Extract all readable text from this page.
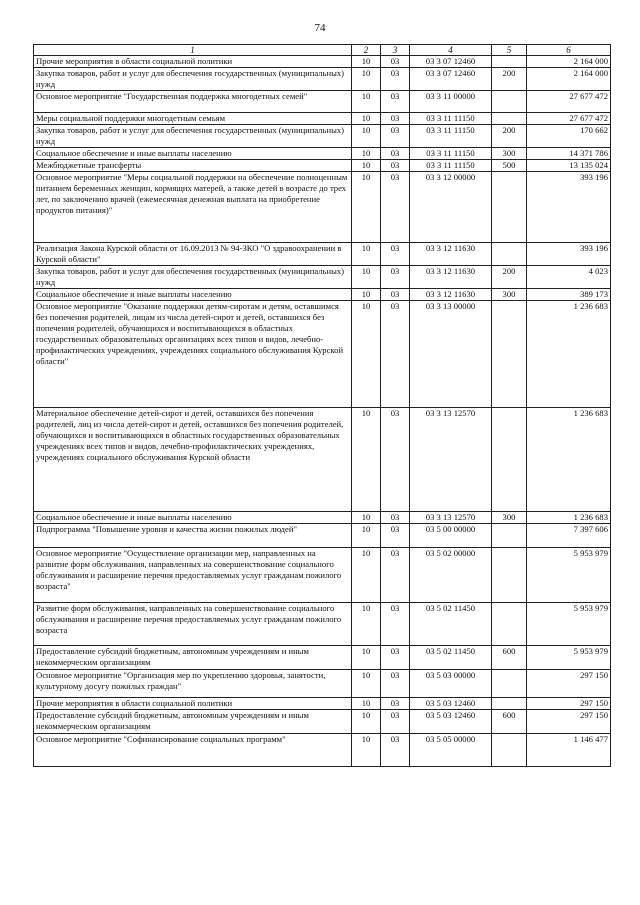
74
1	2	3	4	5	6
Прочие мероприятия в области социальной политики	10	03	03 3 07 12460		2 164 000
Закупка товаров, работ и услуг для обеспечения государственных (муниципальных) нужд	10	03	03 3 07 12460	200	2 164 000
Основное мероприятие "Государственная поддержка многодетных семей"	10	03	03 3 11 00000		27 677 472
Меры социальной поддержки многодетным семьям	10	03	03 3 11 11150		27 677 472
Закупка товаров, работ и услуг для обеспечения государственных (муниципальных) нужд	10	03	03 3 11 11150	200	170 662
Социальное обеспечение и иные выплаты населению	10	03	03 3 11 11150	300	14 371 786
Межбюджетные трансферты	10	03	03 3 11 11150	500	13 135 024
Основное мероприятие "Меры социальной поддержки на обеспечение полноценным питанием беременных женщин, кормящих матерей, а также детей в возрасте до трех лет, по заключению врачей (ежемесячная денежная выплата на приобретение продуктов питания)"	10	03	03 3 12 00000		393 196
Реализация Закона Курской области от 16.09.2013 № 94-ЗКО "О здравоохранении в Курской области"	10	03	03 3 12 11630		393 196
Закупка товаров, работ и услуг для обеспечения государственных (муниципальных) нужд	10	03	03 3 12 11630	200	4 023
Социальное обеспечение и иные выплаты населению	10	03	03 3 12 11630	300	389 173
Основное мероприятие "Оказание поддержки детям-сиротам и детям, оставшимся без попечения родителей, лицам из числа детей-сирот и детей, оставшихся без попечения родителей, обучающихся и воспитывающихся в областных государственных образовательных организациях всех типов и видов, лечебно-профилактических учреждениях, учреждениях социального обслуживания Курской области"	10	03	03 3 13 00000		1 236 683
Материальное обеспечение детей-сирот и детей, оставшихся без попечения родителей, лиц из числа детей-сирот и детей, оставшихся без попечения родителей, обучающихся и воспитывающихся в областных государственных образовательных учреждениях всех типов и видов, лечебно-профилактических учреждениях, учреждениях социального обслуживания Курской области	10	03	03 3 13 12570		1 236 683
Социальное обеспечение и иные выплаты населению	10	03	03 3 13 12570	300	1 236 683
Подпрограмма "Повышение уровня и качества жизни пожилых людей"	10	03	03 5 00 00000		7 397 606
Основное мероприятие "Осуществление организации мер, направленных на развитие форм обслуживания, направленных на совершенствование социального обслуживания и расширение перечня предоставляемых услуг гражданам пожилого возраста"	10	03	03 5 02 00000		5 953 979
Развитие форм обслуживания, направленных на совершенствование социального обслуживания и расширение перечня предоставляемых услуг гражданам пожилого возраста	10	03	03 5 02 11450		5 953 979
Предоставление субсидий бюджетным, автономным учреждениям и иным некоммерческим организациям	10	03	03 5 02 11450	600	5 953 979
Основное мероприятие "Организация мер по укреплению здоровья, занятости, культурному досугу пожилых граждан"	10	03	03 5 03 00000		297 150
Прочие мероприятия в области социальной политики	10	03	03 5 03 12460		297 150
Предоставление субсидий бюджетным, автономным учреждениям и иным некоммерческим организациям	10	03	03 5 03 12460	600	297 150
Основное мероприятие "Софинансирование социальных программ"	10	03	03 5 05 00000		1 146 477
